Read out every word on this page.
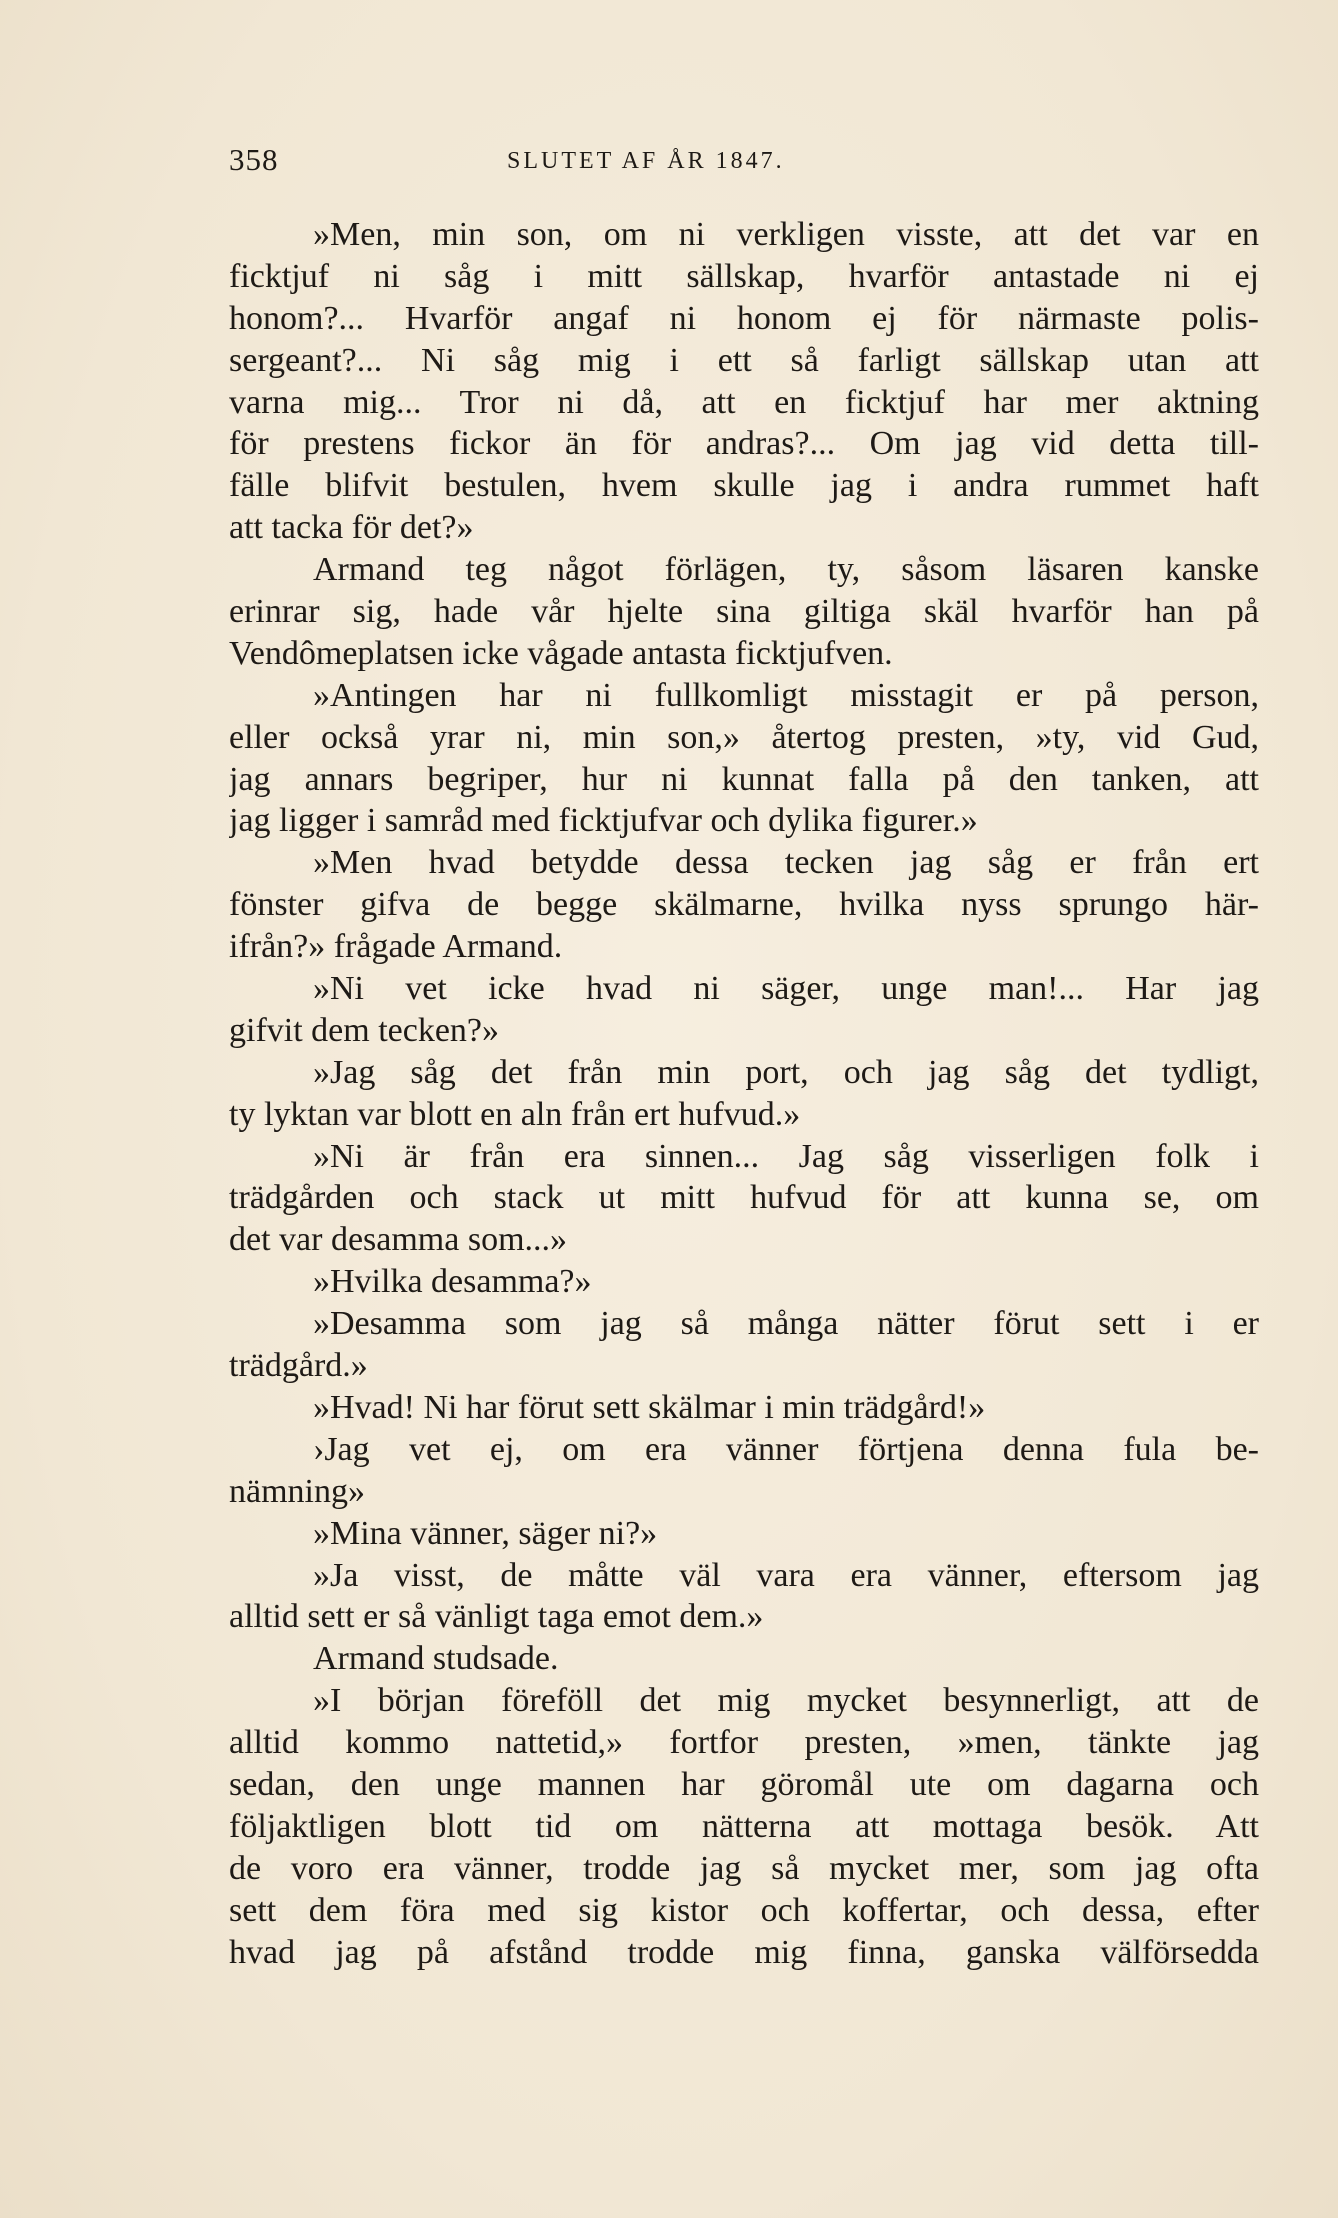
358	SLUTET AF ÅR 1847.
»Men, min son, om ni verkligen visste, att det var en
ficktjuf ni såg i mitt sällskap, hvarför antastade ni ej
honom?... Hvarför angaf ni honom ej för närmaste polis-
sergeant?... Ni såg mig i ett så farligt sällskap utan att
varna mig... Tror ni då, att en ficktjuf har mer aktning
för prestens fickor än för andras?... Om jag vid detta till-
fälle blifvit bestulen, hvem skulle jag i andra rummet haft
att tacka för det?»
Armand teg något förlägen, ty, såsom läsaren kanske
erinrar sig, hade vår hjelte sina giltiga skäl hvarför han på
Vendômeplatsen icke vågade antasta ficktjufven.
»Antingen har ni fullkomligt misstagit er på person,
eller också yrar ni, min son,» återtog presten, »ty, vid Gud,
jag annars begriper, hur ni kunnat falla på den tanken, att
jag ligger i samråd med ficktjufvar och dylika figurer.»
»Men hvad betydde dessa tecken jag såg er från ert
fönster gifva de begge skälmarne, hvilka nyss sprungo här-
ifrån?» frågade Armand.
»Ni vet icke hvad ni säger, unge man!... Har jag
gifvit dem tecken?»
»Jag såg det från min port, och jag såg det tydligt,
ty lyktan var blott en aln från ert hufvud.»
»Ni är från era sinnen... Jag såg visserligen folk i
trädgården och stack ut mitt hufvud för att kunna se, om
det var desamma som...»
»Hvilka desamma?»
»Desamma som jag så många nätter förut sett i er
trädgård.»
»Hvad! Ni har förut sett skälmar i min trädgård!»
›Jag vet ej, om era vänner förtjena denna fula be-
nämning»
»Mina vänner, säger ni?»
»Ja visst, de måtte väl vara era vänner, eftersom jag
alltid sett er så vänligt taga emot dem.»
Armand studsade.
»I början föreföll det mig mycket besynnerligt, att de
alltid kommo nattetid,» fortfor presten, »men, tänkte jag
sedan, den unge mannen har göromål ute om dagarna och
följaktligen blott tid om nätterna att mottaga besök. Att
de voro era vänner, trodde jag så mycket mer, som jag ofta
sett dem föra med sig kistor och koffertar, och dessa, efter
hvad jag på afstånd trodde mig finna, ganska välförsedda
